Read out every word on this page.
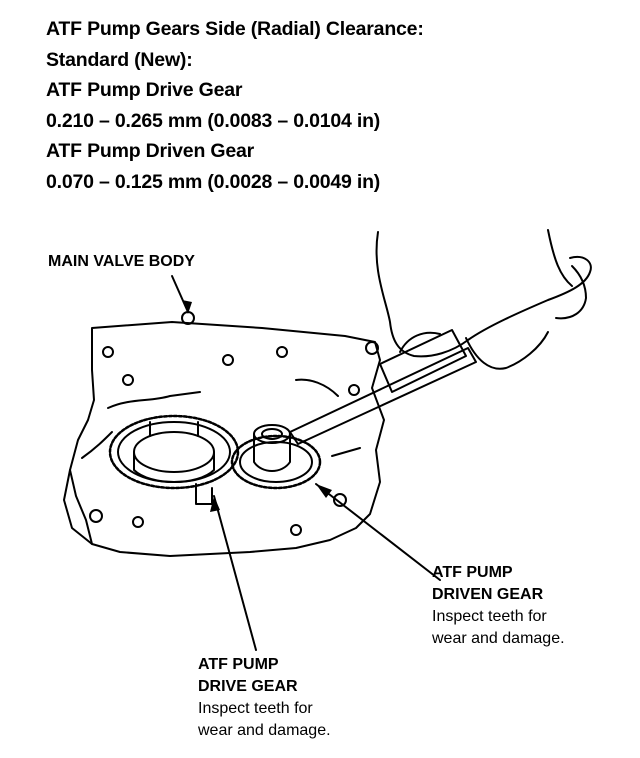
ATF Pump Gears Side (Radial) Clearance:
Standard (New):
ATF Pump Drive Gear
0.210 – 0.265 mm (0.0083 – 0.0104 in)
ATF Pump Driven Gear
0.070 – 0.125 mm (0.0028 – 0.0049 in)
MAIN VALVE BODY
ATF PUMP
DRIVEN GEAR
Inspect teeth for
wear and damage.
ATF PUMP
DRIVE GEAR
Inspect teeth for
wear and damage.
